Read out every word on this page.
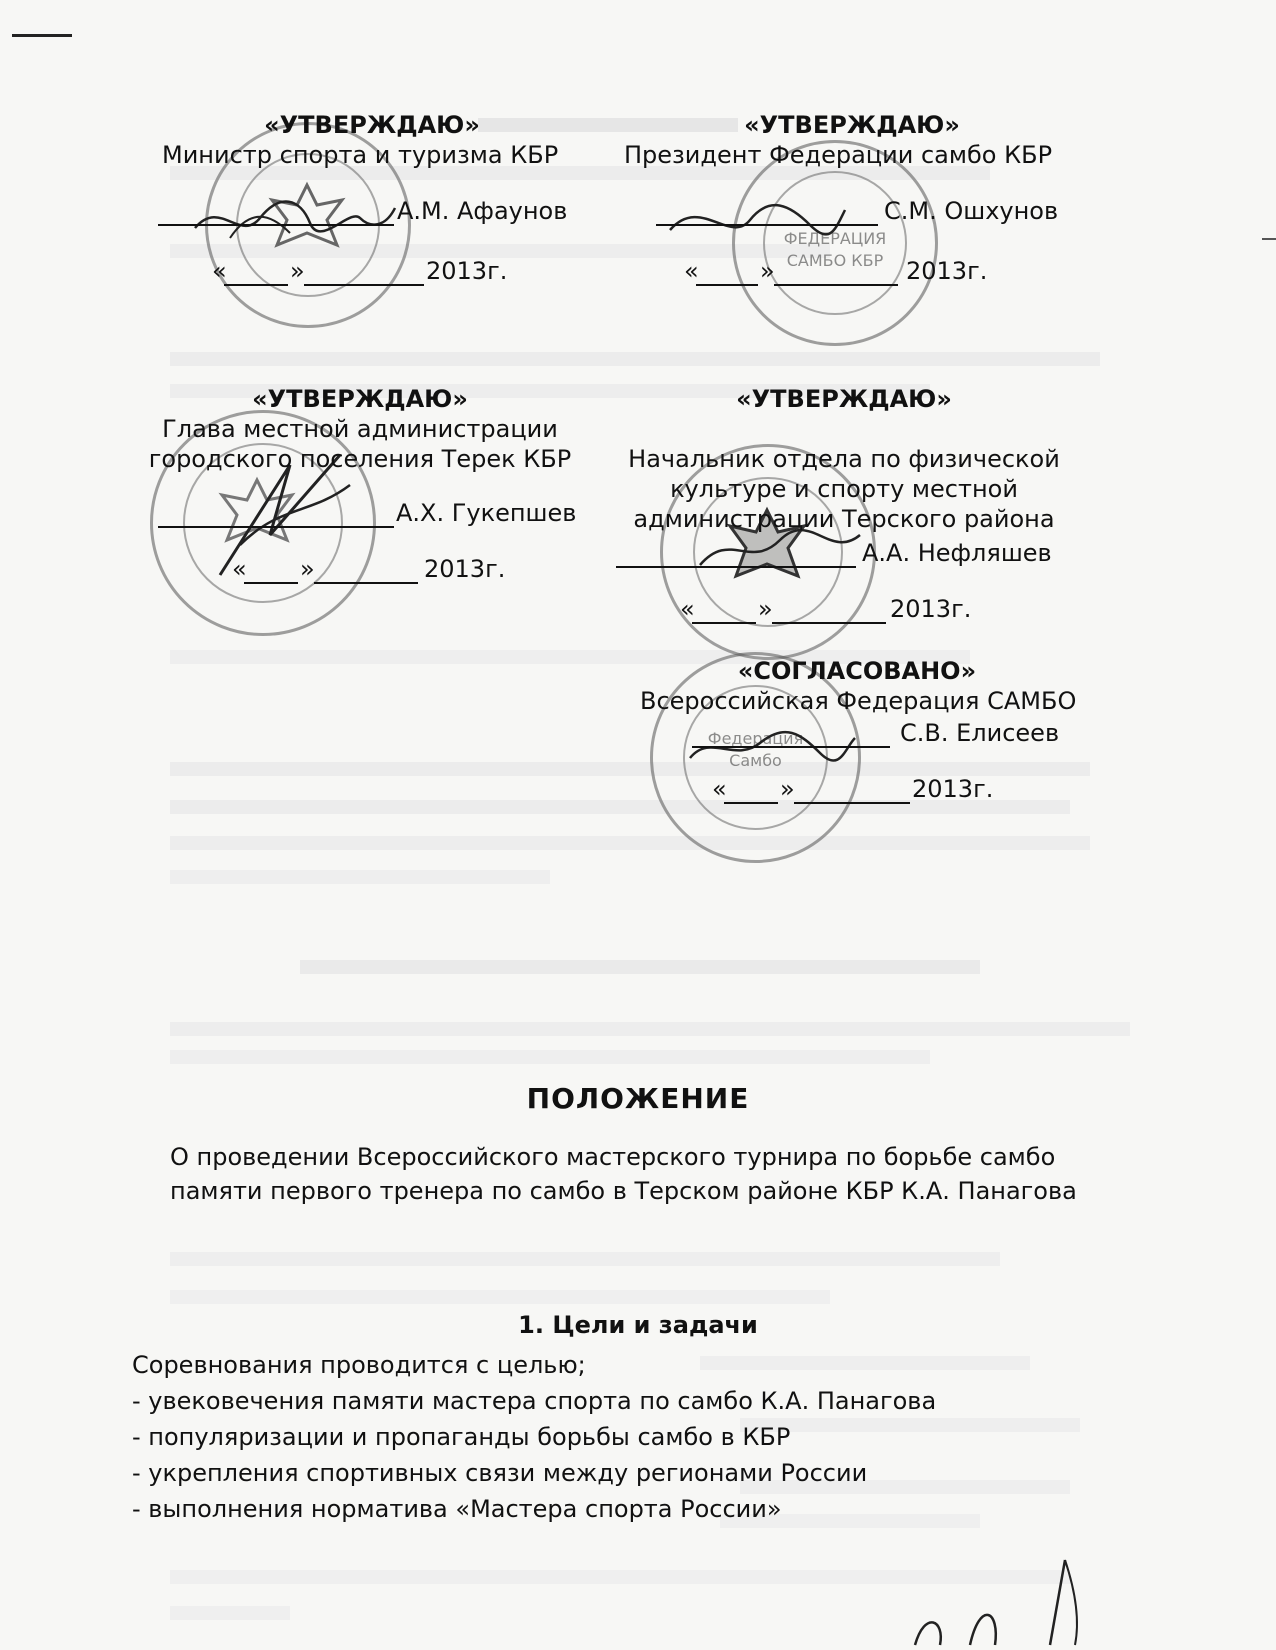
ФЕДЕРАЦИЯ
САМБО КБР
Федерация
Самбо
«УТВЕРЖДАЮ»
Министр спорта и туризма КБР
А.М. Афаунов
«	»	2013г.
«УТВЕРЖДАЮ»
Президент Федерации самбо КБР
С.М. Ошхунов
«	»	2013г.
«УТВЕРЖДАЮ»
Глава местной администрации
городского поселения Терек КБР
А.Х. Гукепшев
« »	2013г.
«УТВЕРЖДАЮ»
Начальник отдела по физической
культуре и спорту местной
администрации Терского района
А.А. Нефляшев
«	»	2013г.
«СОГЛАСОВАНО»
Всероссийская Федерация САМБО
С.В. Елисеев
« »	2013г.
ПОЛОЖЕНИЕ
О проведении Всероссийского мастерского турнира по борьбе самбо
памяти первого тренера по самбо в Терском районе КБР К.А. Панагова
1. Цели и задачи
Соревнования проводится с целью;
- увековечения памяти мастера спорта по самбо К.А. Панагова
- популяризации и пропаганды борьбы самбо в КБР
- укрепления спортивных связи между регионами России
- выполнения норматива «Мастера спорта России»
